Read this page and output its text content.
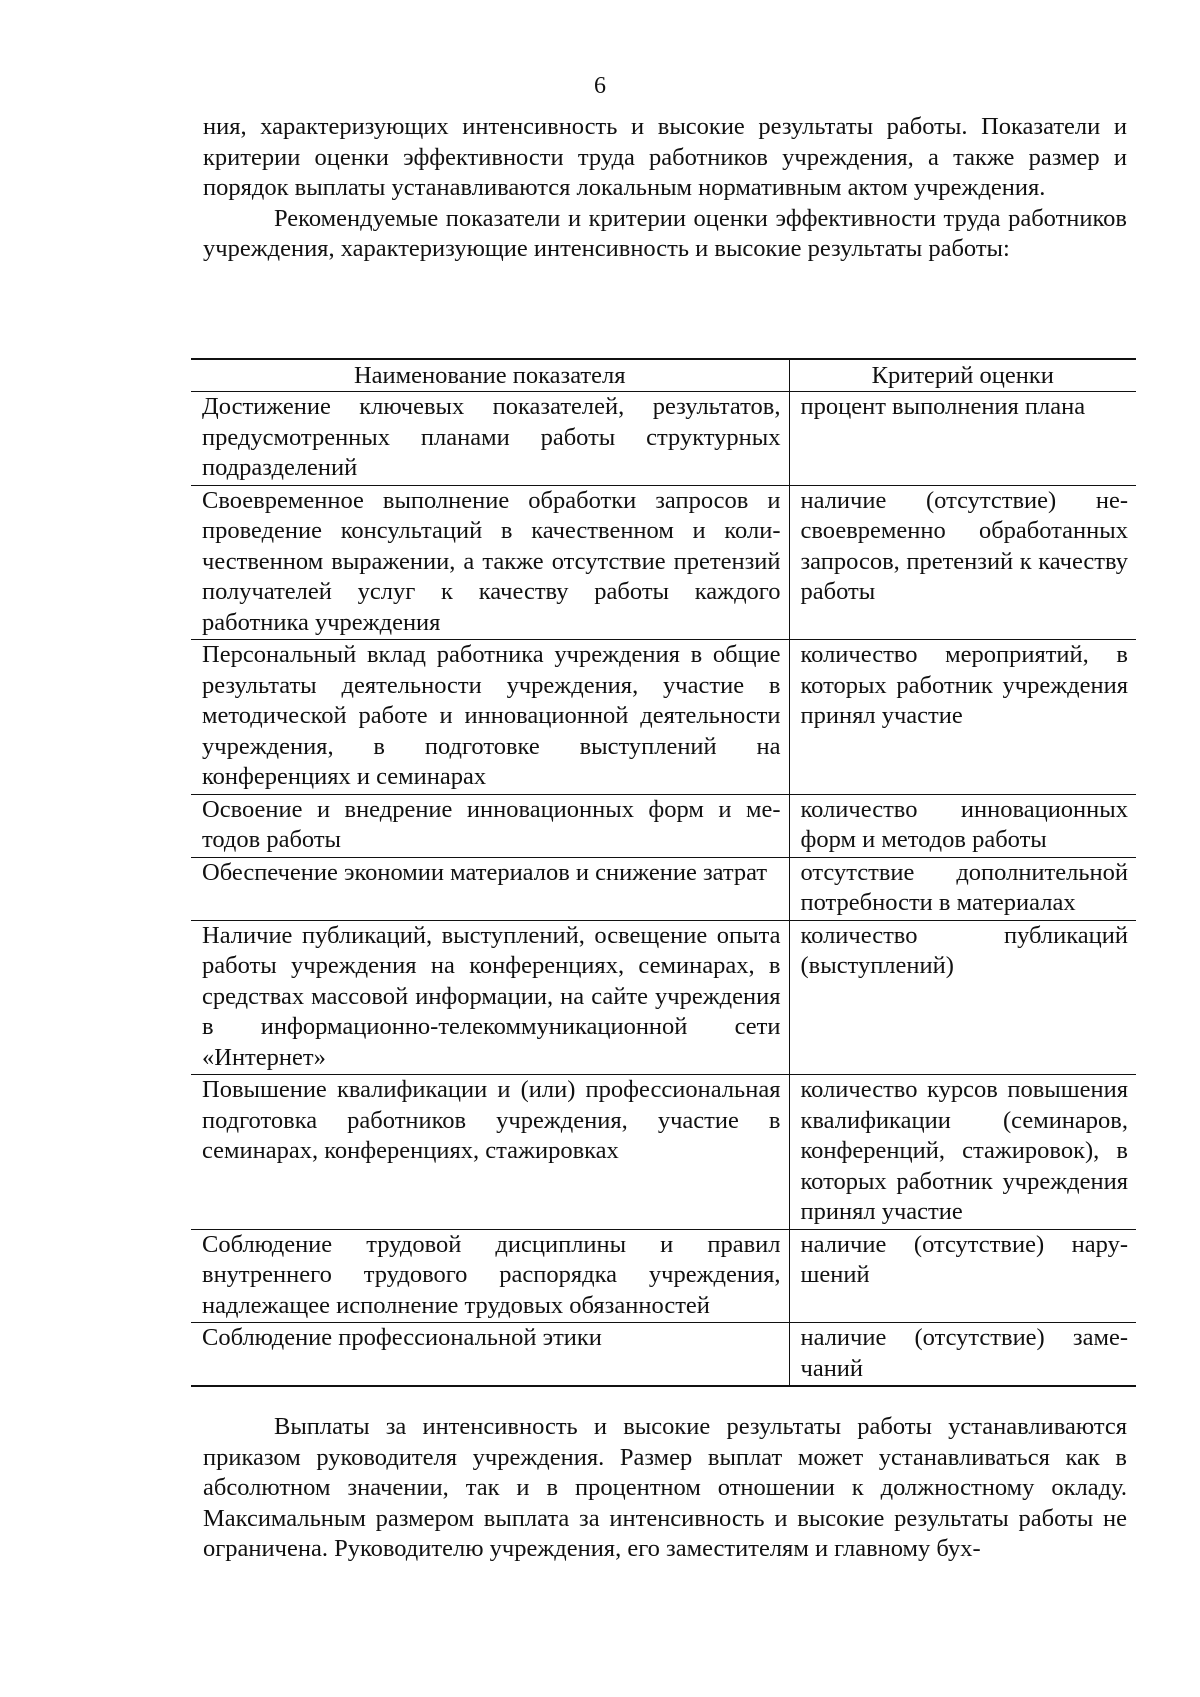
6

ния, характеризующих интенсивность и высокие результаты работы. Показатели и критерии оценки эффективности труда работников учреждения, а также размер и порядок выплаты устанавливаются локальным нормативным актом учреждения.

Рекомендуемые показатели и критерии оценки эффективности труда работников учреждения, характеризующие интенсивность и высокие результаты работы:

Наименование показателя	Критерий оценки
Достижение ключевых показателей, результатов, предусмотренных планами работы структурных подразделений	процент выполнения плана
Своевременное выполнение обработки запросов и проведение консультаций в качественном и количественном выражении, а также отсутствие претензий получателей услуг к качеству работы каждого работника учреждения	наличие (отсутствие) несвоевременно обработанных запросов, претензий к качеству работы
Персональный вклад работника учреждения в общие результаты деятельности учреждения, участие в методической работе и инновационной деятельности учреждения, в подготовке выступлений на конференциях и семинарах	количество мероприятий, в которых работник учреждения принял участие
Освоение и внедрение инновационных форм и методов работы	количество инновационных форм и методов работы
Обеспечение экономии материалов и снижение затрат	отсутствие дополнительной потребности в материалах
Наличие публикаций, выступлений, освещение опыта работы учреждения на конференциях, семинарах, в средствах массовой информации, на сайте учреждения в информационно-телекоммуникационной сети «Интернет»	количество публикаций (выступлений)
Повышение квалификации и (или) профессиональная подготовка работников учреждения, участие в семинарах, конференциях, стажировках	количество курсов повышения квалификации (семинаров, конференций, стажировок), в которых работник учреждения принял участие
Соблюдение трудовой дисциплины и правил внутреннего трудового распорядка учреждения, надлежащее исполнение трудовых обязанностей	наличие (отсутствие) нарушений
Соблюдение профессиональной этики	наличие (отсутствие) замечаний

Выплаты за интенсивность и высокие результаты работы устанавливаются приказом руководителя учреждения. Размер выплат может устанавливаться как в абсолютном значении, так и в процентном отношении к должностному окладу. Максимальным размером выплата за интенсивность и высокие результаты работы не ограничена. Руководителю учреждения, его заместителям и главному бух-
